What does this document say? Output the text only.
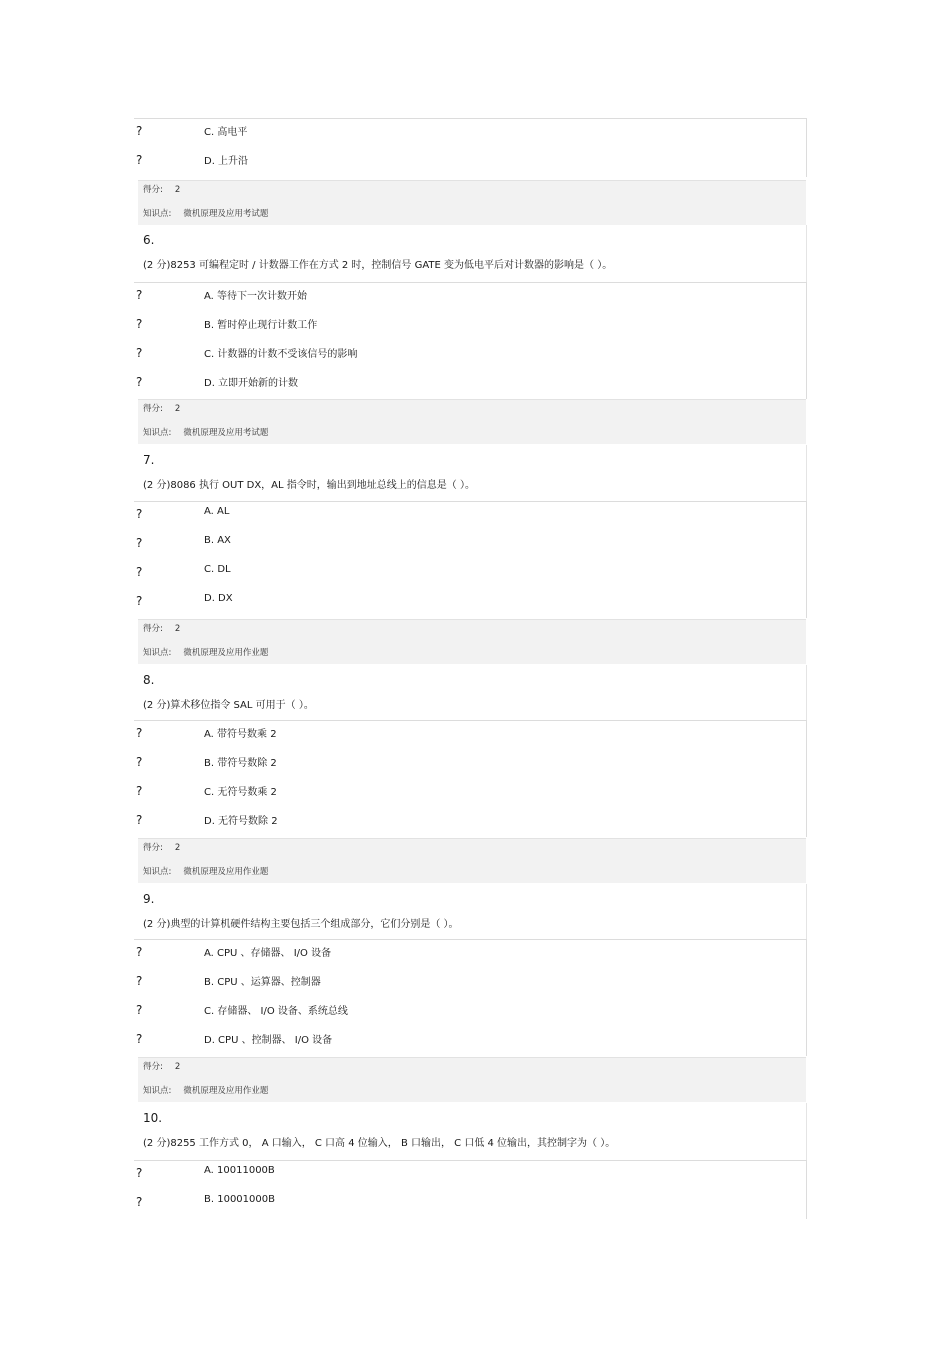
?	C. 高电平
?	D. 上升沿
得分: 2
知识点: 微机原理及应用考试题
6.
(2 分)8253 可编程定时 / 计数器工作在方式 2 时，控制信号 GATE 变为低电平后对计数器的影响是（ ）。
?	A. 等待下一次计数开始
?	B. 暂时停止现行计数工作
?	C. 计数器的计数不受该信号的影响
?	D. 立即开始新的计数
得分: 2
知识点: 微机原理及应用考试题
7.
(2 分)8086 执行 OUT DX，AL 指令时，输出到地址总线上的信息是（ ）。
?	A. AL
?	B. AX
?	C. DL
?	D. DX
得分: 2
知识点: 微机原理及应用作业题
8.
(2 分)算术移位指令 SAL 可用于（ ）。
?	A. 带符号数乘 2
?	B. 带符号数除 2
?	C. 无符号数乘 2
?	D. 无符号数除 2
得分: 2
知识点: 微机原理及应用作业题
9.
(2 分)典型的计算机硬件结构主要包括三个组成部分，它们分别是（ ）。
?	A. CPU 、存储器、 I/O 设备
?	B. CPU 、运算器、控制器
?	C. 存储器、 I/O 设备、系统总线
?	D. CPU 、控制器、 I/O 设备
得分: 2
知识点: 微机原理及应用作业题
10.
(2 分)8255 工作方式 0， A 口输入， C 口高 4 位输入， B 口输出， C 口低 4 位输出，其控制字为（ ）。
?	A. 10011000B
?	B. 10001000B
